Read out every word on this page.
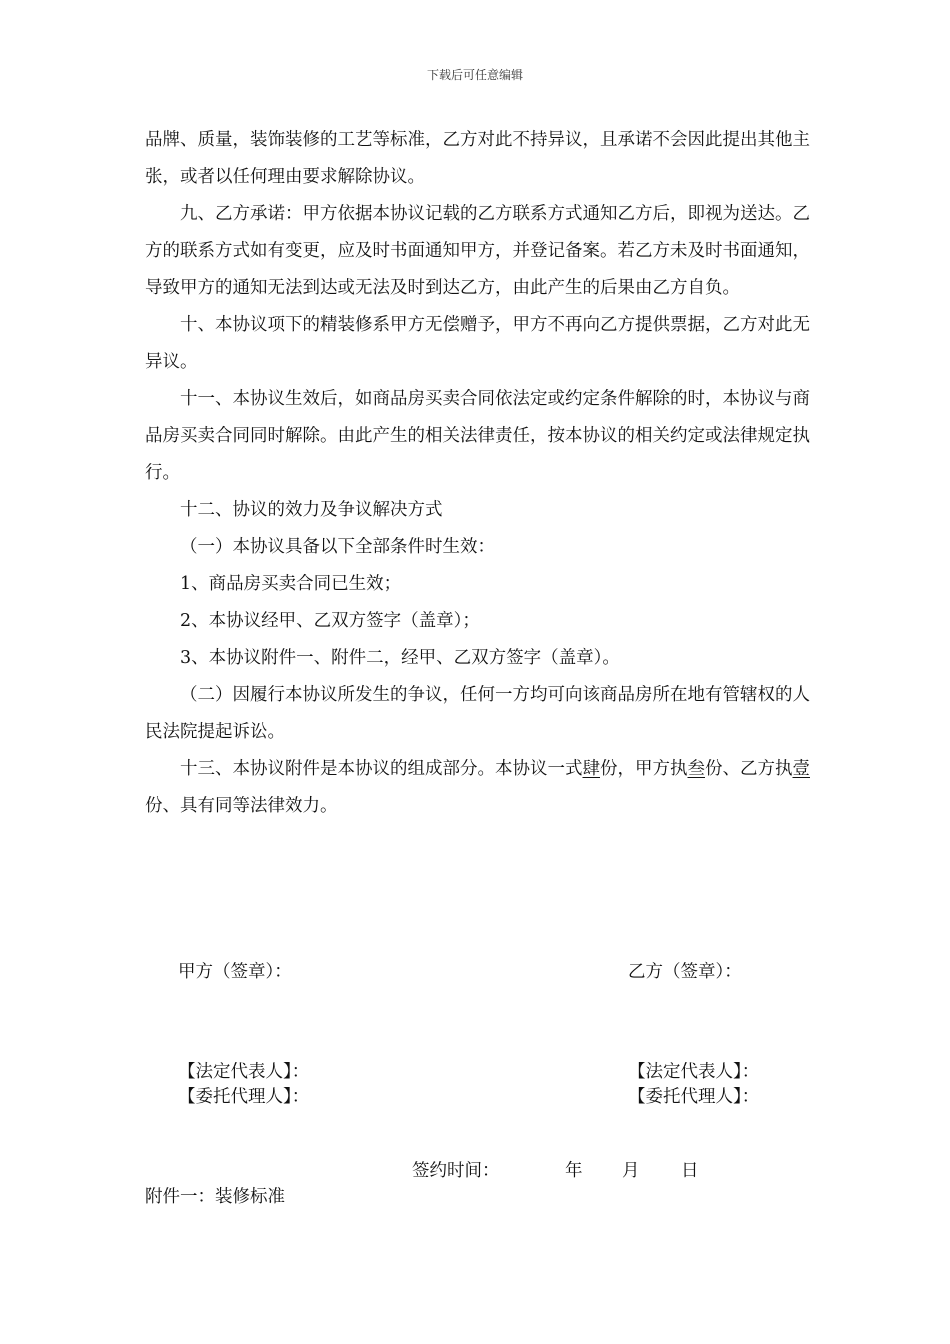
下载后可任意编辑

品牌、质量，装饰装修的工艺等标准，乙方对此不持异议，且承诺不会因此提出其他主张，或者以任何理由要求解除协议。

九、乙方承诺：甲方依据本协议记载的乙方联系方式通知乙方后，即视为送达。乙方的联系方式如有变更，应及时书面通知甲方，并登记备案。若乙方未及时书面通知，导致甲方的通知无法到达或无法及时到达乙方，由此产生的后果由乙方自负。

十、本协议项下的精装修系甲方无偿赠予，甲方不再向乙方提供票据，乙方对此无异议。

十一、本协议生效后，如商品房买卖合同依法定或约定条件解除的时，本协议与商品房买卖合同同时解除。由此产生的相关法律责任，按本协议的相关约定或法律规定执行。

十二、协议的效力及争议解决方式

（一）本协议具备以下全部条件时生效：

1、商品房买卖合同已生效；

2、本协议经甲、乙双方签字（盖章）；

3、本协议附件一、附件二，经甲、乙双方签字（盖章）。

（二）因履行本协议所发生的争议，任何一方均可向该商品房所在地有管辖权的人民法院提起诉讼。

十三、本协议附件是本协议的组成部分。本协议一式肆份，甲方执叁份、乙方执壹份、具有同等法律效力。

甲方（签章）：	乙方（签章）：
【法定代表人】：
【委托代理人】：
【法定代表人】：
【委托代理人】：
签约时间：	年 月 日
附件一：装修标准
